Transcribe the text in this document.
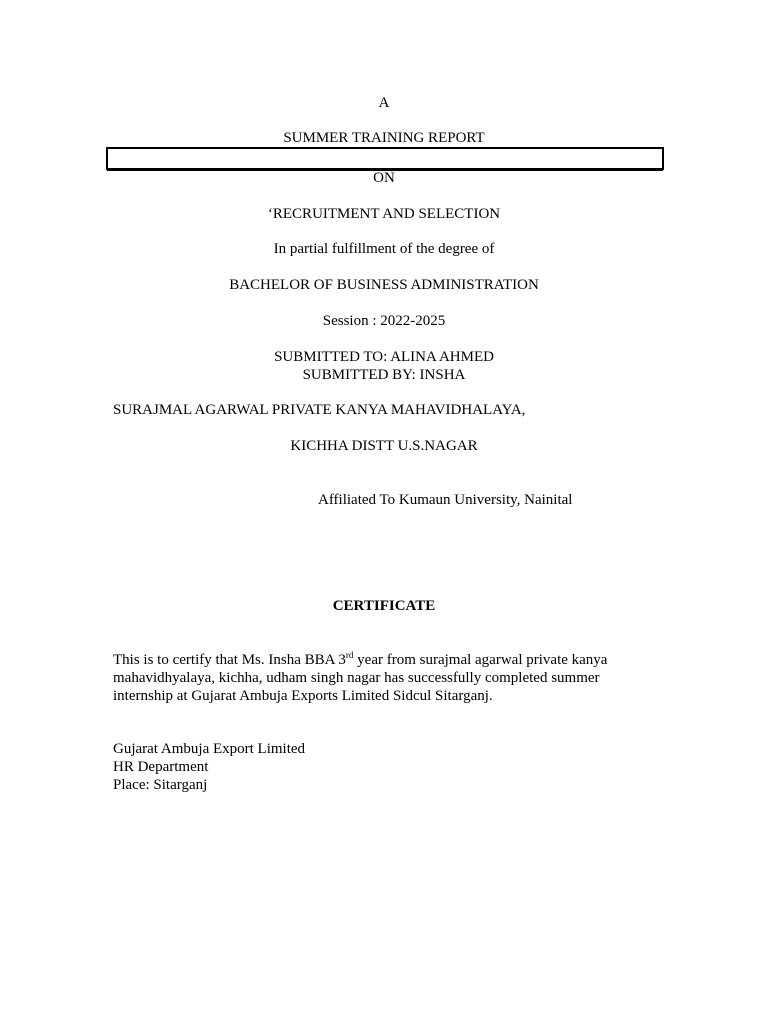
A
SUMMER TRAINING REPORT
ON
‘RECRUITMENT AND SELECTION
In partial fulfillment of the degree of
BACHELOR OF BUSINESS ADMINISTRATION
Session : 2022-2025
SUBMITTED TO: ALINA AHMED
SUBMITTED BY: INSHA
SURAJMAL AGARWAL PRIVATE KANYA MAHAVIDHALAYA,
KICHHA DISTT U.S.NAGAR
Affiliated To Kumaun University, Nainital
CERTIFICATE
This is to certify that Ms. Insha BBA 3rd year from surajmal agarwal private kanya mahavidhyalaya, kichha, udham singh nagar has successfully completed summer internship at Gujarat Ambuja Exports Limited Sidcul Sitarganj.
Gujarat Ambuja Export Limited
HR Department
Place: Sitarganj
